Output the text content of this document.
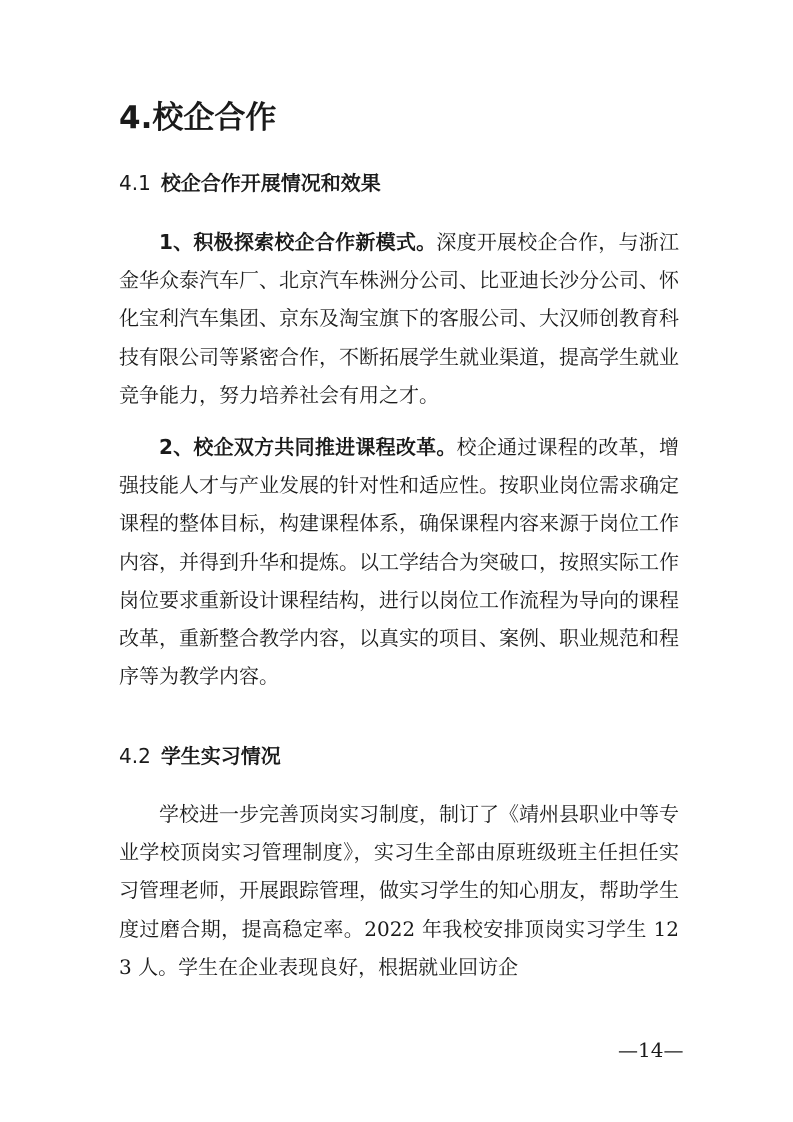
4.校企合作
4.1 校企合作开展情况和效果

1、积极探索校企合作新模式。深度开展校企合作，与浙江金华众泰汽车厂、北京汽车株洲分公司、比亚迪长沙分公司、怀化宝利汽车集团、京东及淘宝旗下的客服公司、大汉师创教育科技有限公司等紧密合作，不断拓展学生就业渠道，提高学生就业竞争能力，努力培养社会有用之才。

2、校企双方共同推进课程改革。校企通过课程的改革，增强技能人才与产业发展的针对性和适应性。按职业岗位需求确定课程的整体目标，构建课程体系，确保课程内容来源于岗位工作内容，并得到升华和提炼。以工学结合为突破口，按照实际工作岗位要求重新设计课程结构，进行以岗位工作流程为导向的课程改革，重新整合教学内容，以真实的项目、案例、职业规范和程序等为教学内容。

4.2 学生实习情况

学校进一步完善顶岗实习制度，制订了《靖州县职业中等专业学校顶岗实习管理制度》，实习生全部由原班级班主任担任实习管理老师，开展跟踪管理，做实习学生的知心朋友，帮助学生度过磨合期，提高稳定率。2022 年我校安排顶岗实习学生 123 人。学生在企业表现良好，根据就业回访企

—14—
